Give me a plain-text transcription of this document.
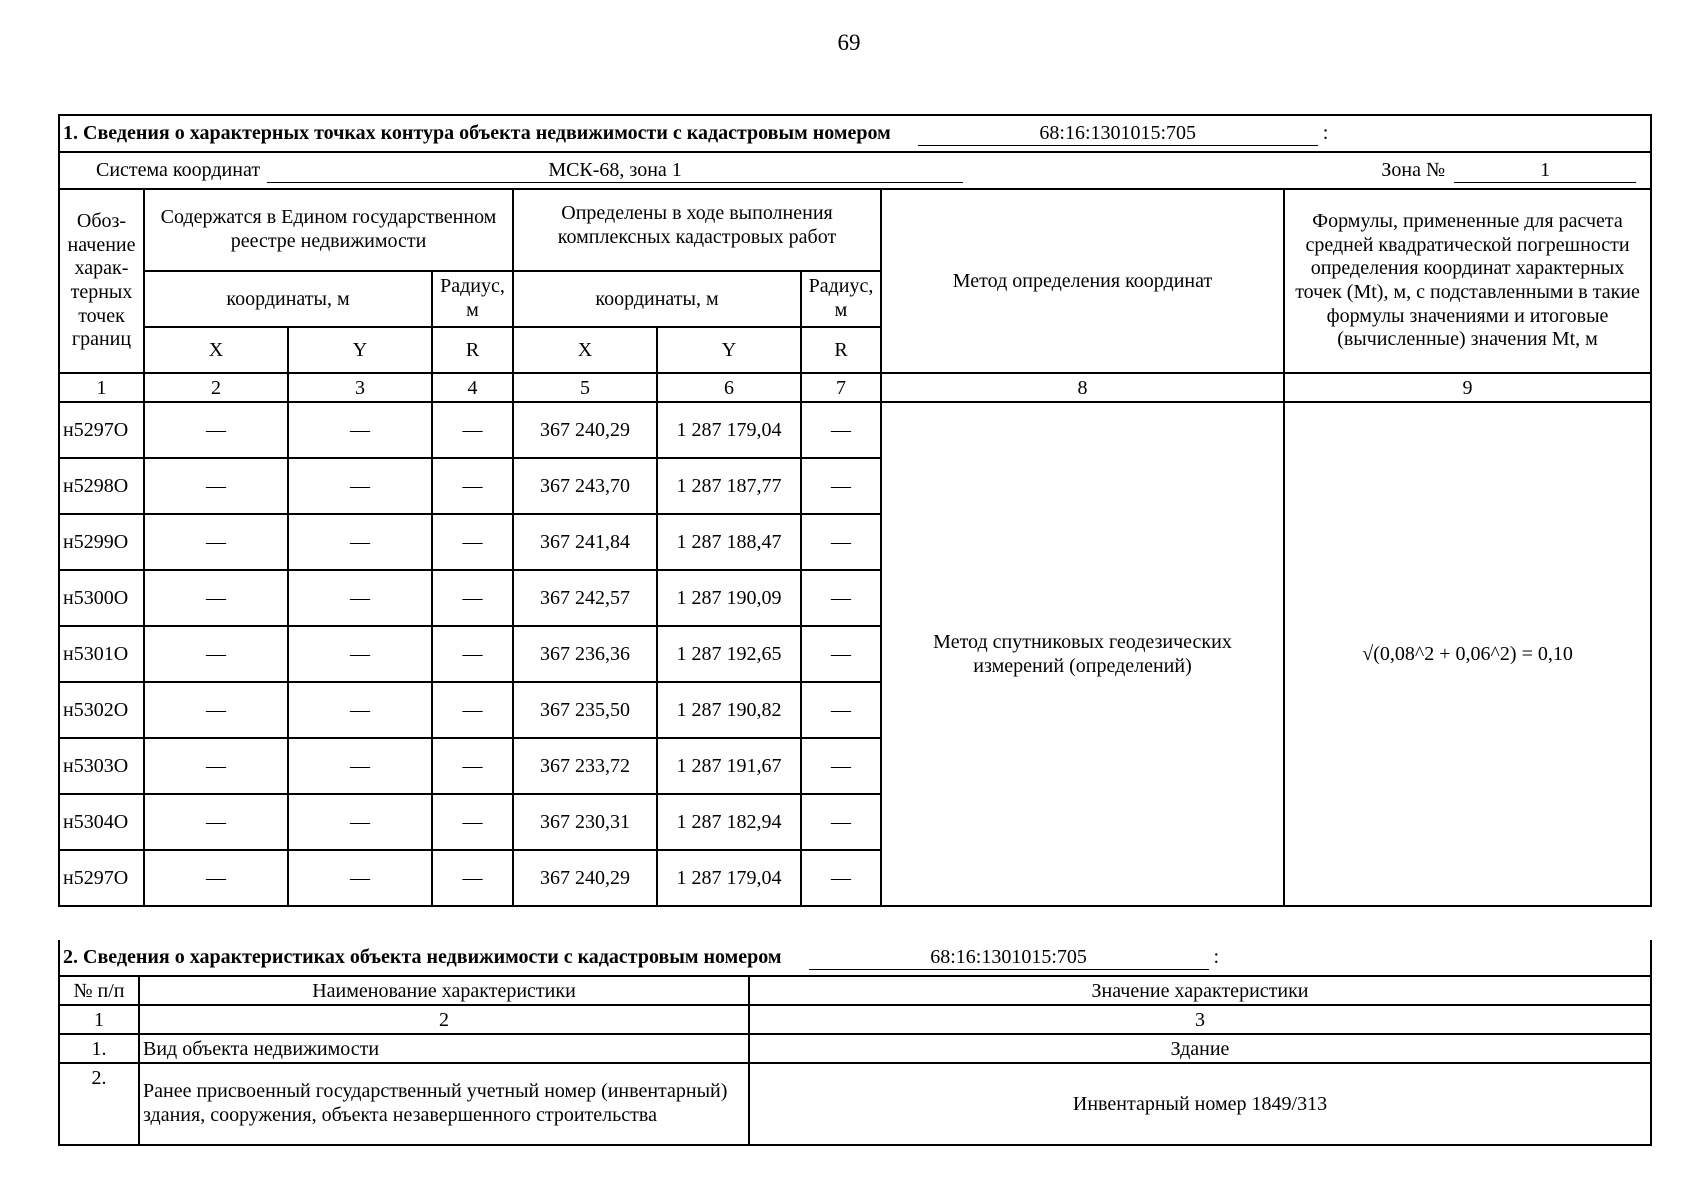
69
1. Сведения о характерных точках контура объекта недвижимости с кадастровым номером 68:16:1301015:705 :								
Система координат МСК-68, зона 1								Зона № 1
Обоз-начение харак-терных точек границ	Содержатся в Едином государственном реестре недвижимости			Определены в ходе выполнения комплексных кадастровых работ			Метод определения координат	Формулы, примененные для расчета средней квадратической погрешности определения координат характерных точек (Mt), м, с подставленными в такие формулы значениями и итоговые (вычисленные) значения Mt, м
	координаты, м		Радиус, м	координаты, м		Радиус, м		
	X	Y	R	X	Y	R		
1	2	3	4	5	6	7	8	9
н5297О	—	—	—	367 240,29	1 287 179,04	—	Метод спутниковых геодезических измерений (определений)	√(0,08^2 + 0,06^2) = 0,10
н5298О	—	—	—	367 243,70	1 287 187,77	—		
н5299О	—	—	—	367 241,84	1 287 188,47	—		
н5300О	—	—	—	367 242,57	1 287 190,09	—		
н5301О	—	—	—	367 236,36	1 287 192,65	—		
н5302О	—	—	—	367 235,50	1 287 190,82	—		
н5303О	—	—	—	367 233,72	1 287 191,67	—		
н5304О	—	—	—	367 230,31	1 287 182,94	—		
н5297О	—	—	—	367 240,29	1 287 179,04	—		
2. Сведения о характеристиках объекта недвижимости с кадастровым номером 68:16:1301015:705 :		
№ п/п	Наименование характеристики	Значение характеристики
1	2	3
1.	Вид объекта недвижимости	Здание
2.	Ранее присвоенный государственный учетный номер (инвентарный) здания, сооружения, объекта незавершенного строительства	Инвентарный номер 1849/313
